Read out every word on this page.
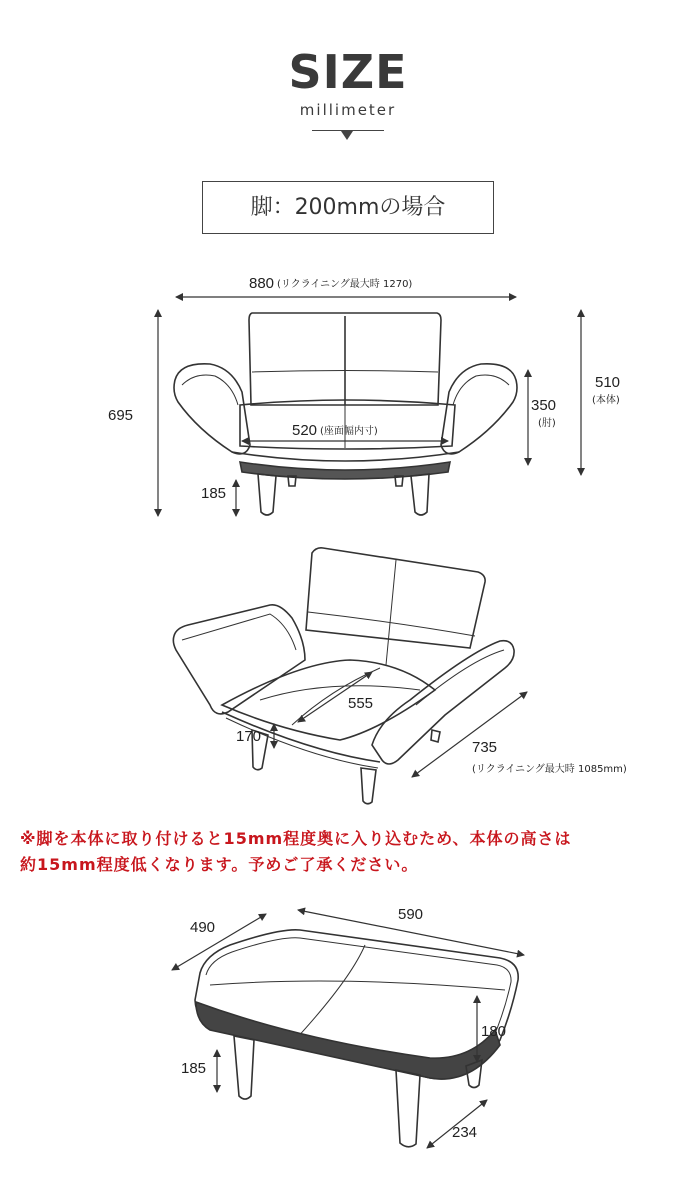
SIZE
millimeter
脚：200mmの場合
880 (リクライニング最大時 1270)
695
520 (座面幅内寸)
350
(肘)
510
(本体)
185
555
170
735
(リクライニング最大時 1085mm)
490
590
180
185
234
※脚を本体に取り付けると15mm程度奥に入り込むため、本体の高さは
約15mm程度低くなります。予めご了承ください。
